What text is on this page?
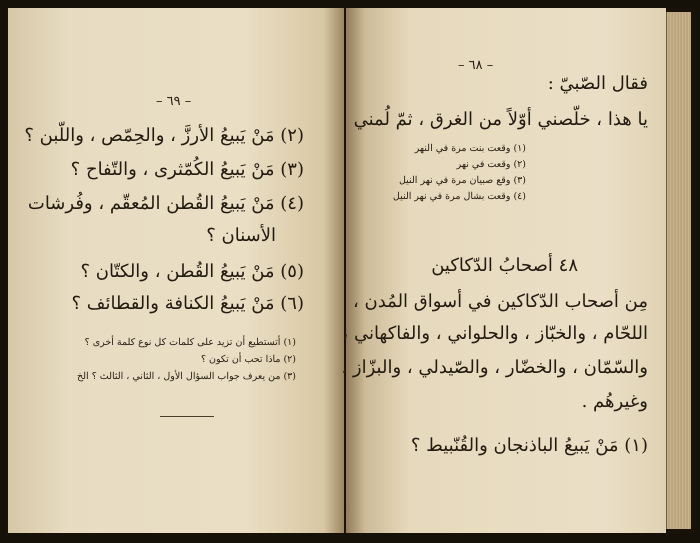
– ٦٩ –
(٢) مَنْ يَبيعُ الأرزَّ ، والحِمّص ، واللّبن ؟
(٣) مَنْ يَبيعُ الكُمّثرى ، والتّفاح ؟
(٤) مَنْ يَبيعُ القُطن المُعقّم ، وفُرشات
الأسنان ؟
(٥) مَنْ يَبيعُ القُطن ، والكتّان ؟
(٦) مَنْ يَبيعُ الكنافة والقطائف ؟
(١) أتستطيع أن تزيد على كلمات كل نوع كلمة أخرى ؟
(٢) ماذا تحب أن تكون ؟
(٣) من يعرف جواب السؤال الأول ، الثاني ، الثالث ؟ الخ
– ٦٨ –
فقال الصّبيّ :
يا هذا ، خلّصني أوّلاً من الغرق ، ثمّ لُمني
(١) وقعت بنت مرة في النهر
(٢) وقعت في نهر
(٣) وقع صبيان مرة في نهر النيل
(٤) وقعت بشال مرة في نهر النيل
٤٨ أصحابُ الدّكاكين
مِن أصحاب الدّكاكين في أسواق المُدن ،
اللحّام ، والخبّاز ، والحلواني ، والفاكهاني ،
والسّمّان ، والخضّار ، والصّيدلي ، والبزّاز ،
وغيرهُم .
(١) مَنْ يَبيعُ الباذنجان والقُنّبيط ؟
